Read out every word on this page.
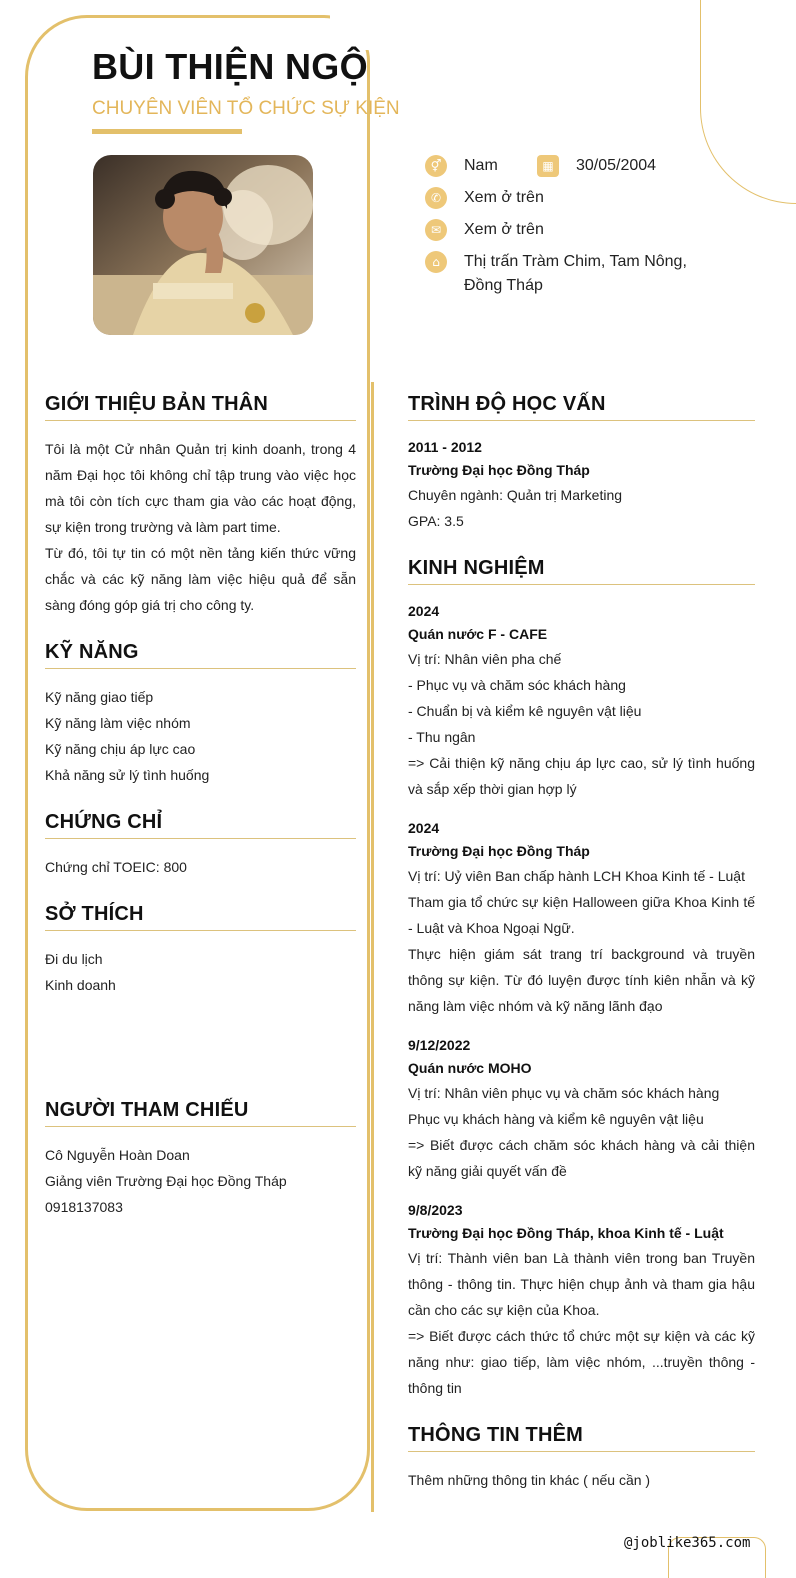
BÙI THIỆN NGỘ
CHUYÊN VIÊN TỔ CHỨC SỰ KIỆN
⚥	Nam	▦	30/05/2004
✆	Xem ở trên
✉	Xem ở trên
⌂	Thị trấn Tràm Chim, Tam Nông,
Đồng Tháp
GIỚI THIỆU BẢN THÂN

Tôi là một Cử nhân Quản trị kinh doanh, trong 4 năm Đại học tôi không chỉ tập trung vào việc học mà tôi còn tích cực tham gia vào các hoạt động, sự kiện trong trường và làm part time.

Từ đó, tôi tự tin có một nền tảng kiến thức vững chắc và các kỹ năng làm việc hiệu quả để sẵn sàng đóng góp giá trị cho công ty.

KỸ NĂNG

Kỹ năng giao tiếp

Kỹ năng làm việc nhóm

Kỹ năng chịu áp lực cao

Khả năng sử lý tình huống

CHỨNG CHỈ

Chứng chỉ TOEIC: 800

SỞ THÍCH

Đi du lịch

Kinh doanh

NGƯỜI THAM CHIẾU

Cô Nguyễn Hoàn Doan

Giảng viên Trường Đại học Đồng Tháp

0918137083

TRÌNH ĐỘ HỌC VẤN

2011 - 2012

Trường Đại học Đồng Tháp

Chuyên ngành: Quản trị Marketing

GPA: 3.5

KINH NGHIỆM

2024

Quán nước F - CAFE

Vị trí: Nhân viên pha chế

- Phục vụ và chăm sóc khách hàng

- Chuẩn bị và kiểm kê nguyên vật liệu

- Thu ngân

=> Cải thiện kỹ năng chịu áp lực cao, sử lý tình huống và sắp xếp thời gian hợp lý

2024

Trường Đại học Đồng Tháp

Vị trí: Uỷ viên Ban chấp hành LCH Khoa Kinh tế - Luật

Tham gia tổ chức sự kiện Halloween giữa Khoa Kinh tế - Luật và Khoa Ngoại Ngữ.

Thực hiện giám sát trang trí background và truyền thông sự kiện. Từ đó luyện được tính kiên nhẫn và kỹ năng làm việc nhóm và kỹ năng lãnh đạo

9/12/2022

Quán nước MOHO

Vị trí: Nhân viên phục vụ và chăm sóc khách hàng

Phục vụ khách hàng và kiểm kê nguyên vật liệu

=> Biết được cách chăm sóc khách hàng và cải thiện kỹ năng giải quyết vấn đề

9/8/2023

Trường Đại học Đồng Tháp, khoa Kinh tế - Luật

Vị trí: Thành viên ban Là thành viên trong ban Truyền thông - thông tin. Thực hiện chụp ảnh và tham gia hậu cần cho các sự kiện của Khoa.

=> Biết được cách thức tổ chức một sự kiện và các kỹ năng như: giao tiếp, làm việc nhóm, ...truyền thông - thông tin

THÔNG TIN THÊM

Thêm những thông tin khác ( nếu cần )

@joblike365.com
